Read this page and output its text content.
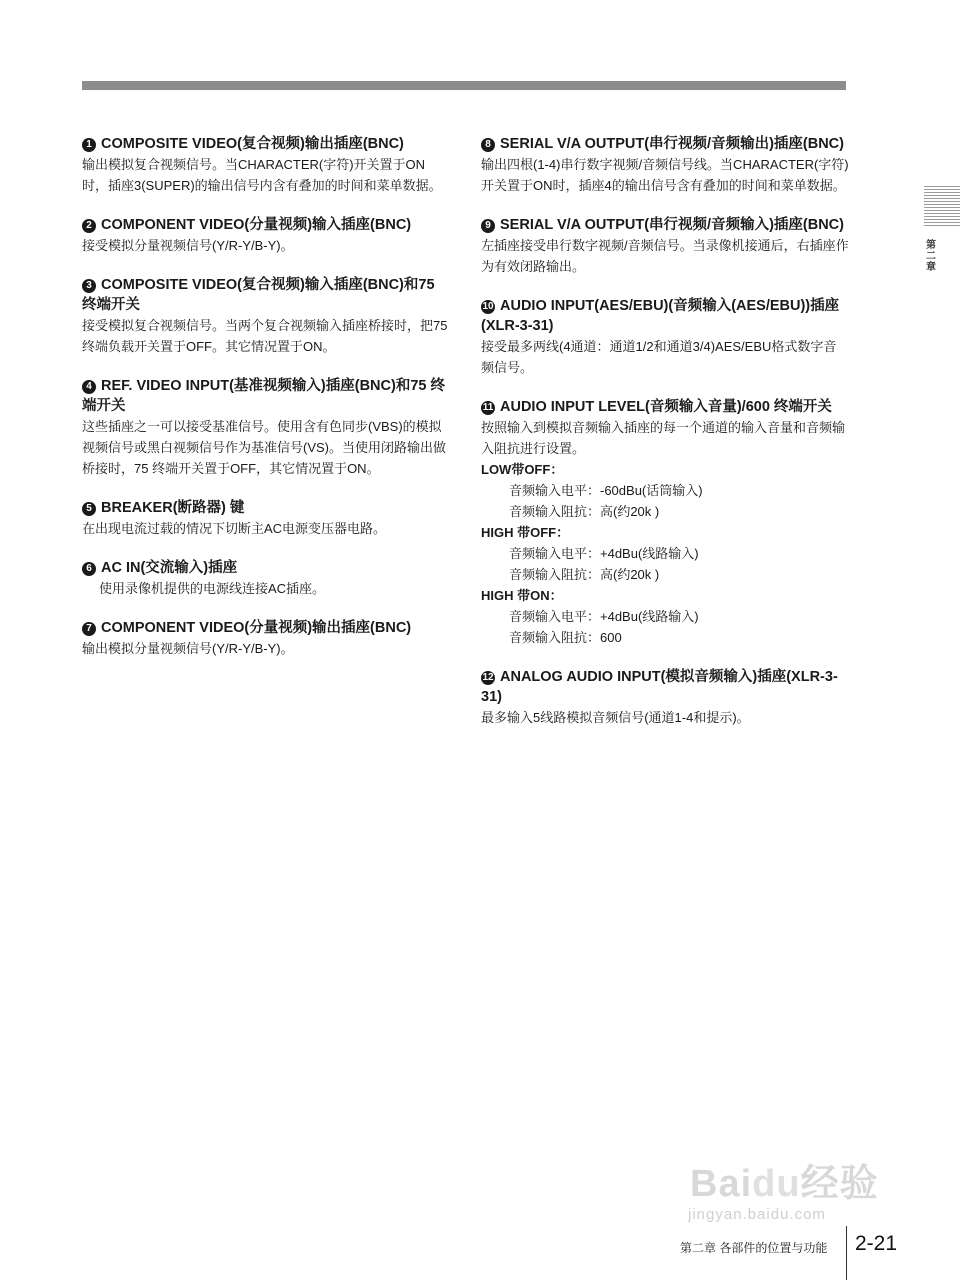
第二章

1 COMPOSITE VIDEO(复合视频)输出插座(BNC)

输出模拟复合视频信号。当CHARACTER(字符)开关置于ON时，插座3(SUPER)的输出信号内含有叠加的时间和菜单数据。

2 COMPONENT VIDEO(分量视频)输入插座(BNC)

接受模拟分量视频信号(Y/R-Y/B-Y)。

3 COMPOSITE VIDEO(复合视频)输入插座(BNC)和75 终端开关

接受模拟复合视频信号。当两个复合视频输入插座桥接时，把75 终端负载开关置于OFF。其它情况置于ON。

4 REF. VIDEO INPUT(基准视频输入)插座(BNC)和75 终端开关

这些插座之一可以接受基准信号。使用含有色同步(VBS)的模拟视频信号或黑白视频信号作为基准信号(VS)。当使用闭路输出做桥接时，75 终端开关置于OFF，其它情况置于ON。

5 BREAKER(断路器) 键

在出现电流过载的情况下切断主AC电源变压器电路。

6 AC IN(交流输入)插座

使用录像机提供的电源线连接AC插座。

7 COMPONENT VIDEO(分量视频)输出插座(BNC)

输出模拟分量视频信号(Y/R-Y/B-Y)。

8 SERIAL V/A OUTPUT(串行视频/音频输出)插座(BNC)

输出四根(1-4)串行数字视频/音频信号线。当CHARACTER(字符)开关置于ON时，插座4的输出信号含有叠加的时间和菜单数据。

9 SERIAL V/A OUTPUT(串行视频/音频输入)插座(BNC)

左插座接受串行数字视频/音频信号。当录像机接通后，右插座作为有效闭路输出。

10 AUDIO INPUT(AES/EBU)(音频输入(AES/EBU))插座(XLR-3-31)

接受最多两线(4通道：通道1/2和通道3/4)AES/EBU格式数字音频信号。

11 AUDIO INPUT LEVEL(音频输入音量)/600 终端开关

按照输入到模拟音频输入插座的每一个通道的输入音量和音频输入阻抗进行设置。

LOW带OFF：

音频输入电平：-60dBu(话筒输入)

音频输入阻抗：高(约20k )

HIGH 带OFF：

音频输入电平：+4dBu(线路输入)

音频输入阻抗：高(约20k )

HIGH 带ON：

音频输入电平：+4dBu(线路输入)

音频输入阻抗：600

12 ANALOG AUDIO INPUT(模拟音频输入)插座(XLR-3-31)

最多输入5线路模拟音频信号(通道1-4和提示)。

Baidu经验
jingyan.baidu.com
第二章 各部件的位置与功能 2-21
